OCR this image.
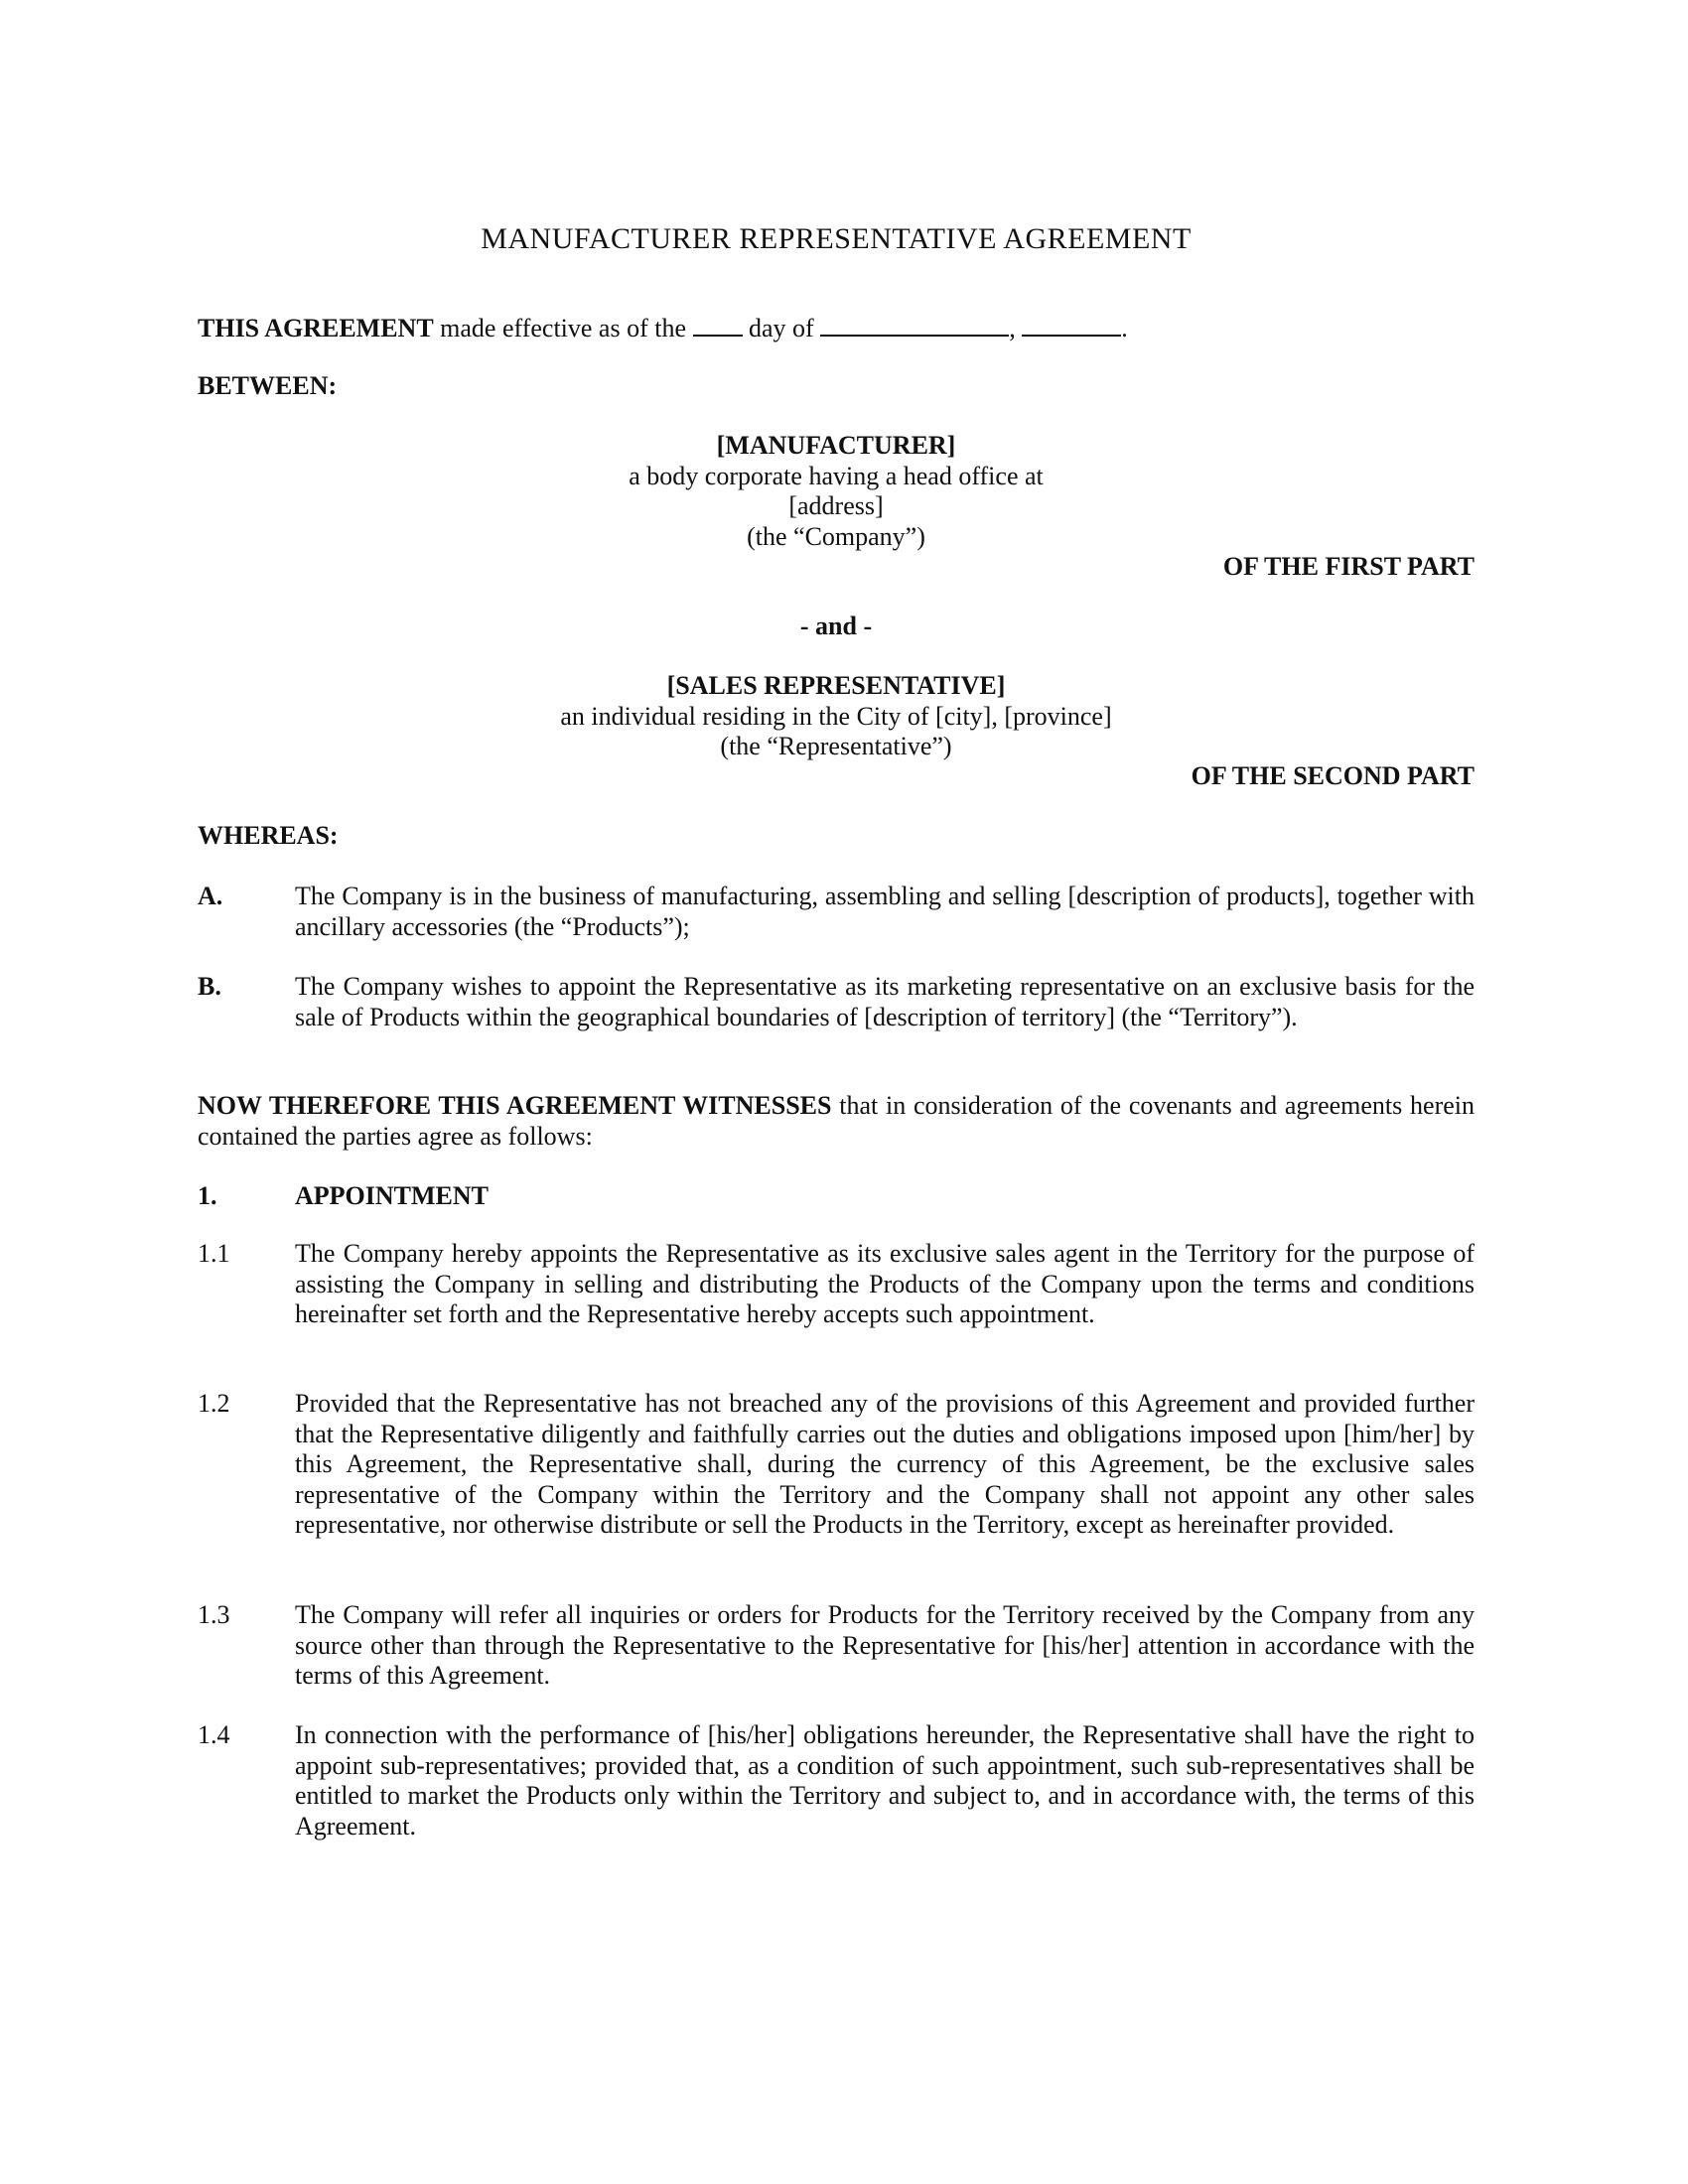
MANUFACTURER REPRESENTATIVE AGREEMENT
THIS AGREEMENT made effective as of the day of	,	.
BETWEEN:
[MANUFACTURER]
a body corporate having a head office at
[address]
(the “Company”)
OF THE FIRST PART
- and -
[SALES REPRESENTATIVE]
an individual residing in the City of [city], [province]
(the “Representative”)
OF THE SECOND PART
WHEREAS:
A.	The Company is in the business of manufacturing, assembling and selling [description of products], together with ancillary accessories (the “Products”);
B.	The Company wishes to appoint the Representative as its marketing representative on an exclusive basis for the sale of Products within the geographical boundaries of [description of territory] (the “Territory”).
NOW THEREFORE THIS AGREEMENT WITNESSES that in consideration of the covenants and agreements herein contained the parties agree as follows:
1.	APPOINTMENT
1.1	The Company hereby appoints the Representative as its exclusive sales agent in the Territory for the purpose of assisting the Company in selling and distributing the Products of the Company upon the terms and conditions hereinafter set forth and the Representative hereby accepts such appointment.
1.2	Provided that the Representative has not breached any of the provisions of this Agreement and provided further that the Representative diligently and faithfully carries out the duties and obligations imposed upon [him/her] by this Agreement, the Representative shall, during the currency of this Agreement, be the exclusive sales representative of the Company within the Territory and the Company shall not appoint any other sales representative, nor otherwise distribute or sell the Products in the Territory, except as hereinafter provided.
1.3	The Company will refer all inquiries or orders for Products for the Territory received by the Company from any source other than through the Representative to the Representative for [his/her] attention in accordance with the terms of this Agreement.
1.4	In connection with the performance of [his/her] obligations hereunder, the Representative shall have the right to appoint sub-representatives; provided that, as a condition of such appointment, such sub-representatives shall be entitled to market the Products only within the Territory and subject to, and in accordance with, the terms of this Agreement.
